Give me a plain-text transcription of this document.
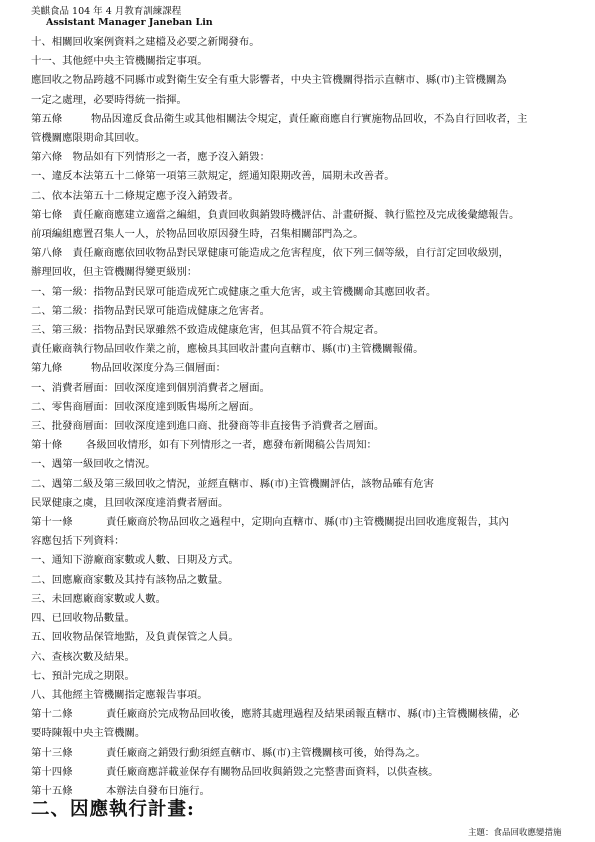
美麒食品 104 年 4 月教育訓練課程
Assistant Manager Janeban Lin
十、相關回收案例資料之建檔及必要之新聞發布。
十一、其他經中央主管機關指定事項。
應回收之物品跨越不同縣市或對衛生安全有重大影響者，中央主管機關得指示直轄市、縣(市)主管機關為
一定之處理，必要時得統一指揮。
第五條	物品因違反食品衛生或其他相關法令規定，責任廠商應自行實施物品回收，不為自行回收者，主
管機關應限期命其回收。
第六條　物品如有下列情形之一者，應予沒入銷毀：
一、違反本法第五十二條第一項第三款規定，經通知限期改善，屆期未改善者。
二、依本法第五十二條規定應予沒入銷毀者。
第七條　責任廠商應建立適當之編組，負責回收與銷毀時機評估、計畫研擬、執行監控及完成後彙總報告。
前項編組應置召集人一人，於物品回收原因發生時，召集相關部門為之。
第八條　責任廠商應依回收物品對民眾健康可能造成之危害程度，依下列三個等級，自行訂定回收級別，
辦理回收，但主管機關得變更級別：
一、第一級：指物品對民眾可能造成死亡或健康之重大危害，或主管機關命其應回收者。
二、第二級：指物品對民眾可能造成健康之危害者。
三、第三級：指物品對民眾雖然不致造成健康危害，但其品質不符合規定者。
責任廠商執行物品回收作業之前，應檢具其回收計畫向直轄市、縣(市)主管機關報備。
第九條	物品回收深度分為三個層面：
一、消費者層面：回收深度達到個別消費者之層面。
二、零售商層面：回收深度達到販售場所之層面。
三、批發商層面：回收深度達到進口商、批發商等非直接售予消費者之層面。
第十條 各級回收情形，如有下列情形之一者，應發布新聞稿公告周知：
一、遇第一級回收之情況。
二、遇第二級及第三級回收之情況，並經直轄市、縣(市)主管機關評估，該物品確有危害
民眾健康之虞，且回收深度達消費者層面。
第十一條	責任廠商於物品回收之過程中，定期向直轄市、縣(市)主管機關提出回收進度報告，其內
容應包括下列資料：
一、通知下游廠商家數或人數、日期及方式。
二、回應廠商家數及其持有該物品之數量。
三、未回應廠商家數或人數。
四、已回收物品數量。
五、回收物品保管地點，及負責保管之人員。
六、查核次數及結果。
七、預計完成之期限。
八、其他經主管機關指定應報告事項。
第十二條	責任廠商於完成物品回收後，應將其處理過程及結果函報直轄市、縣(市)主管機關核備，必
要時陳報中央主管機關。
第十三條	責任廠商之銷毀行動須經直轄市、縣(市)主管機關核可後，始得為之。
第十四條	責任廠商應詳載並保存有關物品回收與銷毀之完整書面資料，以供查核。
第十五條	本辦法自發布日施行。
二、因應執行計畫:
主題：食品回收應變措施
